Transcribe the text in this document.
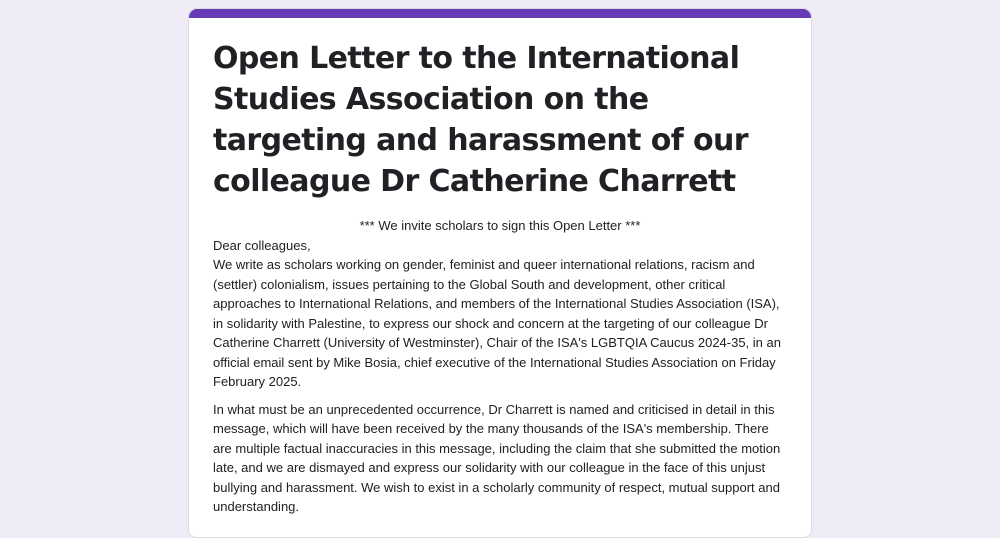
Open Letter to the International Studies Association on the targeting and harassment of our colleague Dr Catherine Charrett
*** We invite scholars to sign this Open Letter ***
Dear colleagues,

We write as scholars working on gender, feminist and queer international relations, racism and (settler) colonialism, issues pertaining to the Global South and development, other critical approaches to International Relations, and members of the International Studies Association (ISA), in solidarity with Palestine, to express our shock and concern at the targeting of our colleague Dr Catherine Charrett (University of Westminster), Chair of the ISA's LGBTQIA Caucus 2024-35, in an official email sent by Mike Bosia, chief executive of the International Studies Association on Friday February 2025.

In what must be an unprecedented occurrence, Dr Charrett is named and criticised in detail in this message, which will have been received by the many thousands of the ISA's membership. There are multiple factual inaccuracies in this message, including the claim that she submitted the motion late, and we are dismayed and express our solidarity with our colleague in the face of this unjust bullying and harassment. We wish to exist in a scholarly community of respect, mutual support and understanding.
